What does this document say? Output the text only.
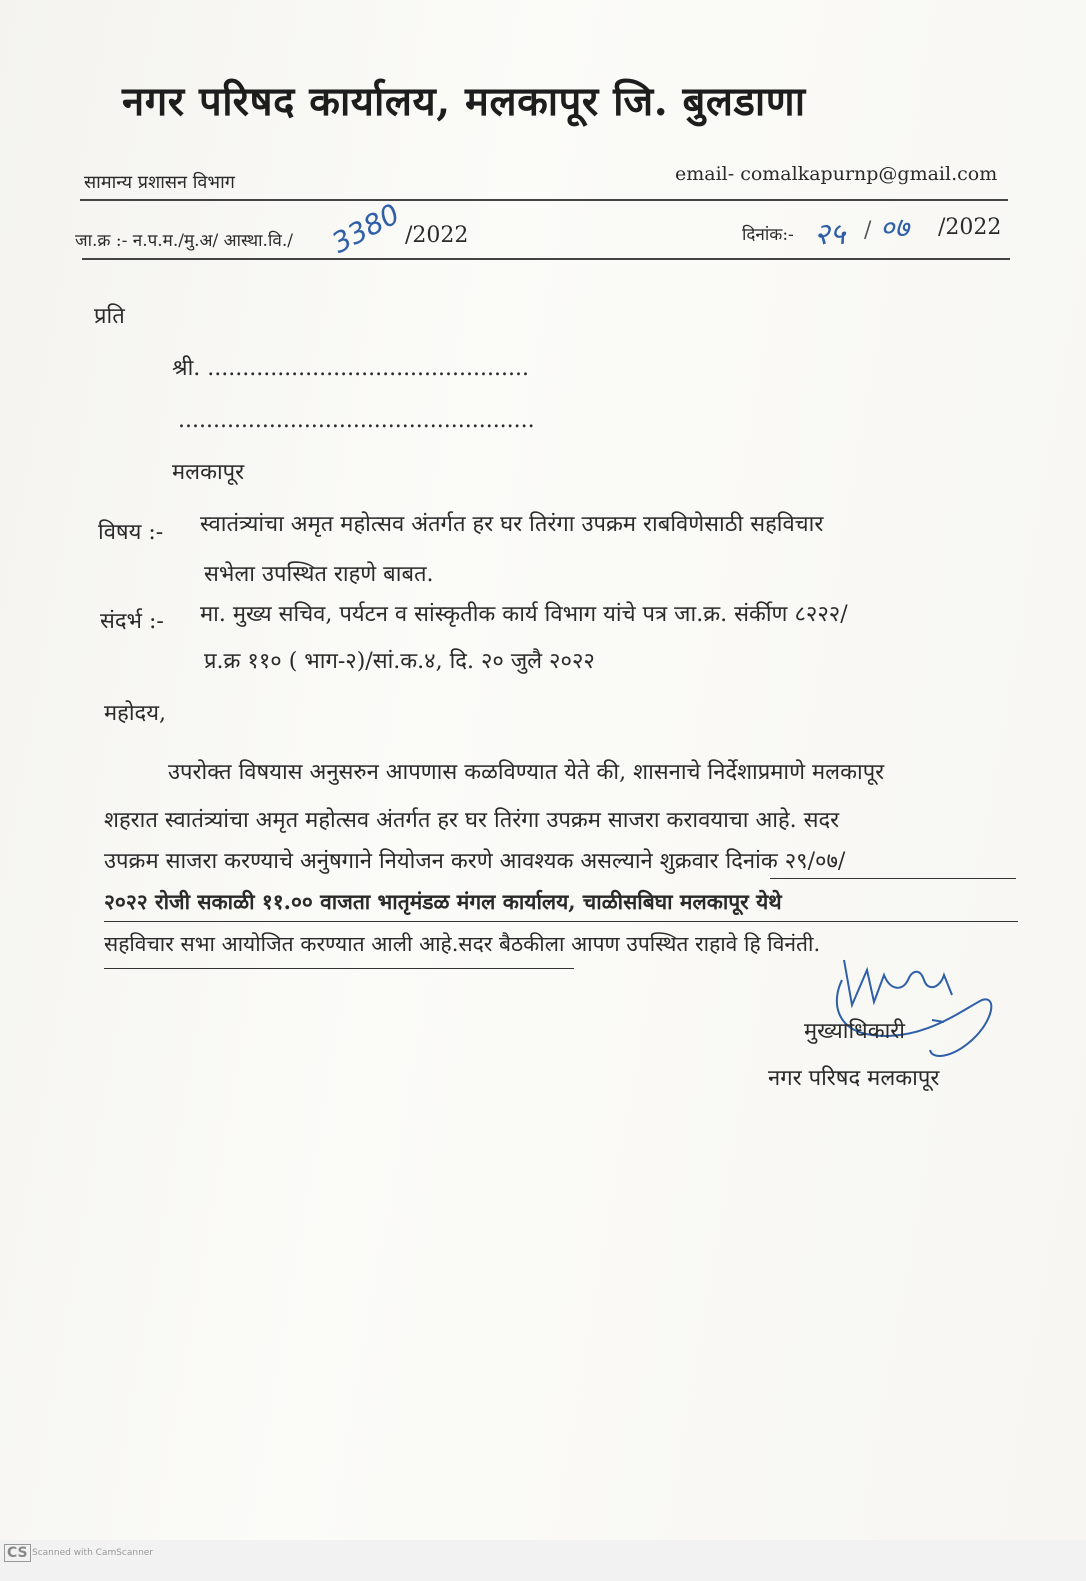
नगर परिषद कार्यालय, मलकापूर जि. बुलडाणा
सामान्य प्रशासन विभाग	email- comalkapurnp@gmail.com
जा.क्र :- न.प.म./मु.अ/ आस्था.वि./ 3380 /2022	दिनांक:- २५ / ०७ /2022
प्रति
श्री. ..............................................
...................................................
मलकापूर
विषय :- स्वातंत्र्यांचा अमृत महोत्सव अंतर्गत हर घर तिरंगा उपक्रम राबविणेसाठी सहविचार
सभेला उपस्थित राहणे बाबत.
संदर्भ :- मा. मुख्य सचिव, पर्यटन व सांस्कृतीक कार्य विभाग यांचे पत्र जा.क्र. संर्कीण ८२२२/
प्र.क्र ११० ( भाग-२)/सां.क.४, दि. २० जुलै २०२२
महोदय,
उपरोक्त विषयास अनुसरुन आपणास कळविण्यात येते की, शासनाचे निर्देशाप्रमाणे मलकापूर
शहरात स्वातंत्र्यांचा अमृत महोत्सव अंतर्गत हर घर तिरंगा उपक्रम साजरा करावयाचा आहे. सदर
उपक्रम साजरा करण्याचे अनुंषगाने नियोजन करणे आवश्यक असल्याने शुक्रवार दिनांक २९/०७/
२०२२ रोजी सकाळी ११.०० वाजता भातृमंडळ मंगल कार्यालय, चाळीसबिघा मलकापूर येथे
सहविचार सभा आयोजित करण्यात आली आहे.सदर बैठकीला आपण उपस्थित राहावे हि विनंती.
मुख्याधिकारी
नगर परिषद मलकापूर
CS Scanned with CamScanner
